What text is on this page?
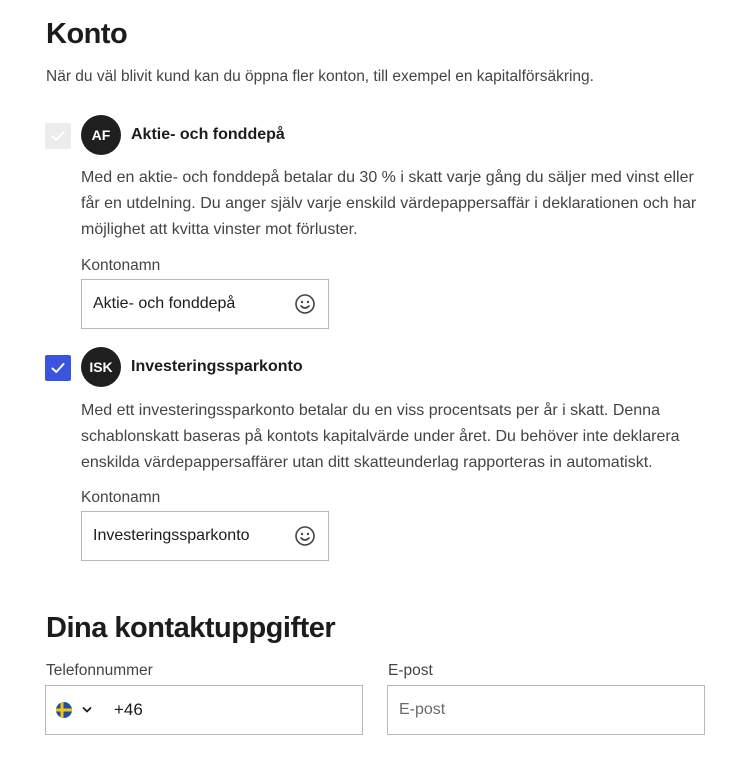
Konto
När du väl blivit kund kan du öppna fler konton, till exempel en kapitalförsäkring.
AF	Aktie- och fonddepå
Med en aktie- och fonddepå betalar du 30 % i skatt varje gång du säljer med vinst eller får en utdelning. Du anger själv varje enskild värdepappersaffär i deklarationen och har möjlighet att kvitta vinster mot förluster.
Kontonamn
Aktie- och fonddepå
ISK	Investeringssparkonto
Med ett investeringssparkonto betalar du en viss procentsats per år i skatt. Denna schablonskatt baseras på kontots kapitalvärde under året. Du behöver inte deklarera enskilda värdepappersaffärer utan ditt skatteunderlag rapporteras in automatiskt.
Kontonamn
Investeringssparkonto
Dina kontaktuppgifter
Telefonnummer
+46
E-post
E-post
